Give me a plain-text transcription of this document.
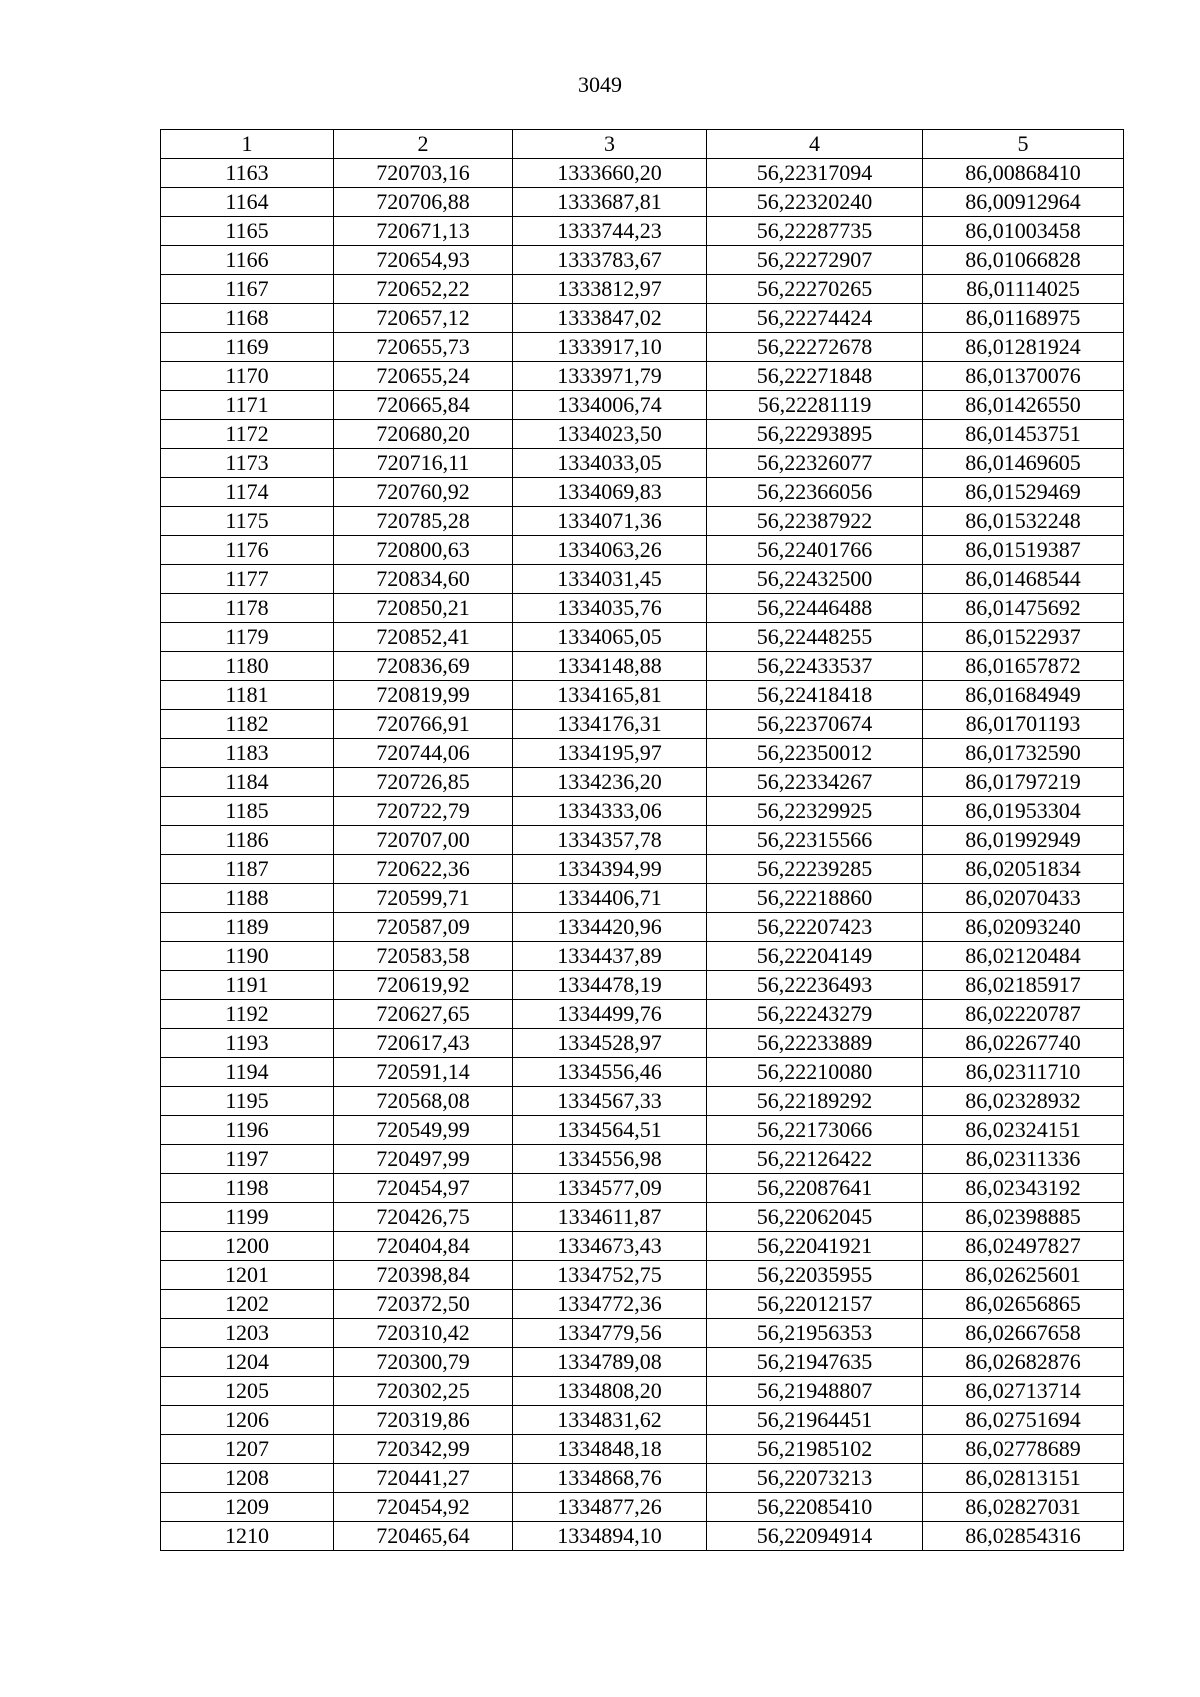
3049
1	2	3	4	5
1163	720703,16	1333660,20	56,22317094	86,00868410
1164	720706,88	1333687,81	56,22320240	86,00912964
1165	720671,13	1333744,23	56,22287735	86,01003458
1166	720654,93	1333783,67	56,22272907	86,01066828
1167	720652,22	1333812,97	56,22270265	86,01114025
1168	720657,12	1333847,02	56,22274424	86,01168975
1169	720655,73	1333917,10	56,22272678	86,01281924
1170	720655,24	1333971,79	56,22271848	86,01370076
1171	720665,84	1334006,74	56,22281119	86,01426550
1172	720680,20	1334023,50	56,22293895	86,01453751
1173	720716,11	1334033,05	56,22326077	86,01469605
1174	720760,92	1334069,83	56,22366056	86,01529469
1175	720785,28	1334071,36	56,22387922	86,01532248
1176	720800,63	1334063,26	56,22401766	86,01519387
1177	720834,60	1334031,45	56,22432500	86,01468544
1178	720850,21	1334035,76	56,22446488	86,01475692
1179	720852,41	1334065,05	56,22448255	86,01522937
1180	720836,69	1334148,88	56,22433537	86,01657872
1181	720819,99	1334165,81	56,22418418	86,01684949
1182	720766,91	1334176,31	56,22370674	86,01701193
1183	720744,06	1334195,97	56,22350012	86,01732590
1184	720726,85	1334236,20	56,22334267	86,01797219
1185	720722,79	1334333,06	56,22329925	86,01953304
1186	720707,00	1334357,78	56,22315566	86,01992949
1187	720622,36	1334394,99	56,22239285	86,02051834
1188	720599,71	1334406,71	56,22218860	86,02070433
1189	720587,09	1334420,96	56,22207423	86,02093240
1190	720583,58	1334437,89	56,22204149	86,02120484
1191	720619,92	1334478,19	56,22236493	86,02185917
1192	720627,65	1334499,76	56,22243279	86,02220787
1193	720617,43	1334528,97	56,22233889	86,02267740
1194	720591,14	1334556,46	56,22210080	86,02311710
1195	720568,08	1334567,33	56,22189292	86,02328932
1196	720549,99	1334564,51	56,22173066	86,02324151
1197	720497,99	1334556,98	56,22126422	86,02311336
1198	720454,97	1334577,09	56,22087641	86,02343192
1199	720426,75	1334611,87	56,22062045	86,02398885
1200	720404,84	1334673,43	56,22041921	86,02497827
1201	720398,84	1334752,75	56,22035955	86,02625601
1202	720372,50	1334772,36	56,22012157	86,02656865
1203	720310,42	1334779,56	56,21956353	86,02667658
1204	720300,79	1334789,08	56,21947635	86,02682876
1205	720302,25	1334808,20	56,21948807	86,02713714
1206	720319,86	1334831,62	56,21964451	86,02751694
1207	720342,99	1334848,18	56,21985102	86,02778689
1208	720441,27	1334868,76	56,22073213	86,02813151
1209	720454,92	1334877,26	56,22085410	86,02827031
1210	720465,64	1334894,10	56,22094914	86,02854316
